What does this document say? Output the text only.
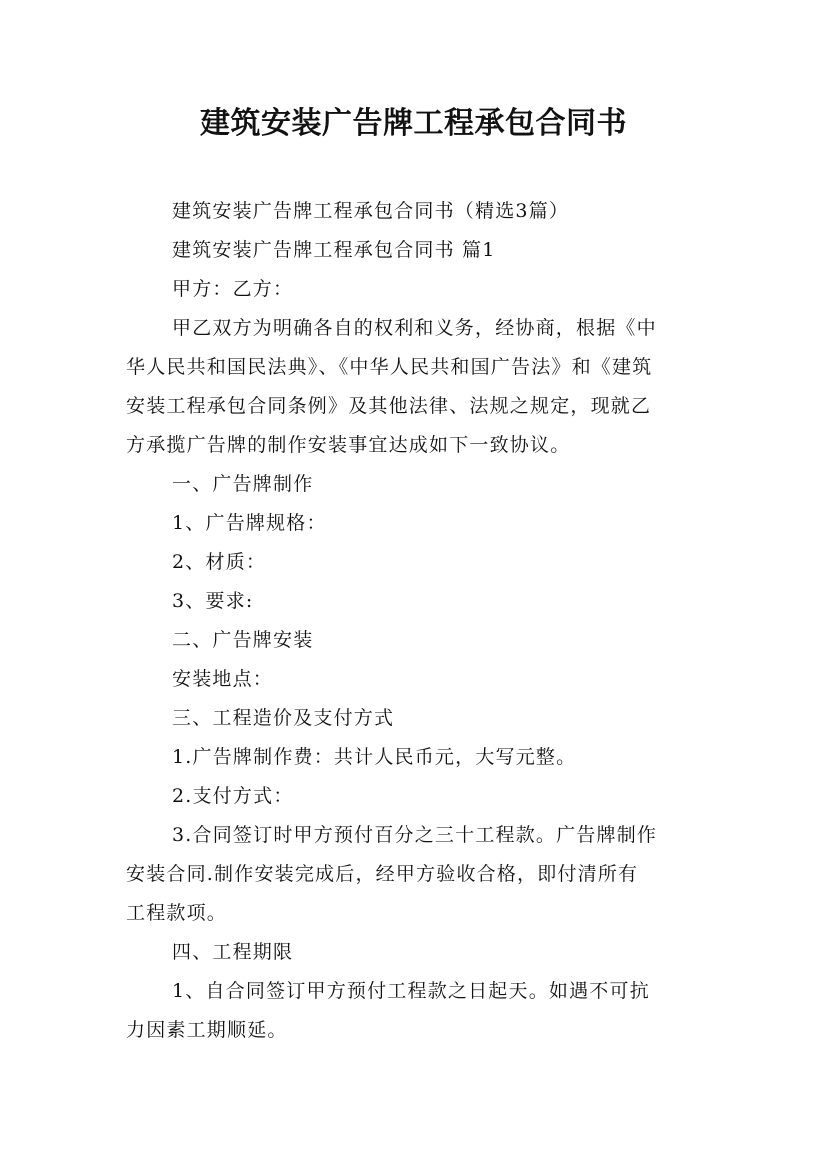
建筑安装广告牌工程承包合同书
建筑安装广告牌工程承包合同书（精选3篇）
建筑安装广告牌工程承包合同书 篇1
甲方：乙方：
甲乙双方为明确各自的权利和义务，经协商，根据《中
华人民共和国民法典》、《中华人民共和国广告法》和《建筑
安装工程承包合同条例》及其他法律、法规之规定，现就乙
方承揽广告牌的制作安装事宜达成如下一致协议。
一、广告牌制作
1、广告牌规格：
2、材质：
3、要求:
二、广告牌安装
安装地点：
三、工程造价及支付方式
1.广告牌制作费：共计人民币元，大写元整。
2.支付方式：
3.合同签订时甲方预付百分之三十工程款。广告牌制作
安装合同.制作安装完成后，经甲方验收合格，即付清所有
工程款项。
四、工程期限
1、自合同签订甲方预付工程款之日起天。如遇不可抗
力因素工期顺延。
